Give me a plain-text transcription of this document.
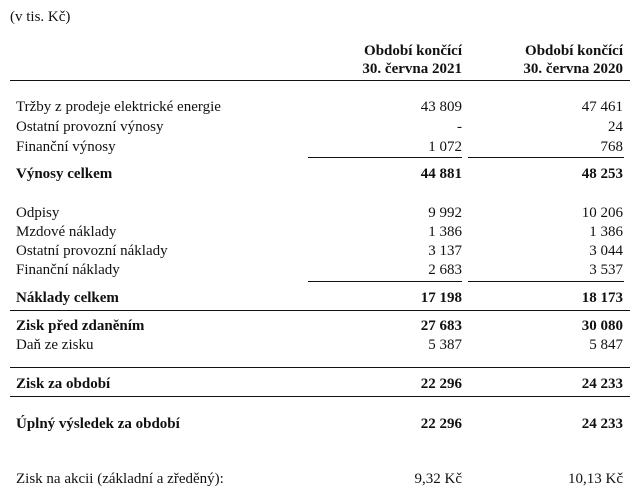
(v tis. Kč)
Období končící
30. června 2021
Období končící
30. června 2020
Tržby z prodeje elektrické energie	43 809	47 461
Ostatní provozní výnosy	-	24
Finanční výnosy	1 072	768
Výnosy celkem	44 881	48 253
Odpisy	9 992	10 206
Mzdové náklady	1 386	1 386
Ostatní provozní náklady	3 137	3 044
Finanční náklady	2 683	3 537
Náklady celkem	17 198	18 173
Zisk před zdaněním	27 683	30 080
Daň ze zisku	5 387	5 847
Zisk za období	22 296	24 233
Úplný výsledek za období	22 296	24 233
Zisk na akcii (základní a zředěný):	9,32 Kč	10,13 Kč
